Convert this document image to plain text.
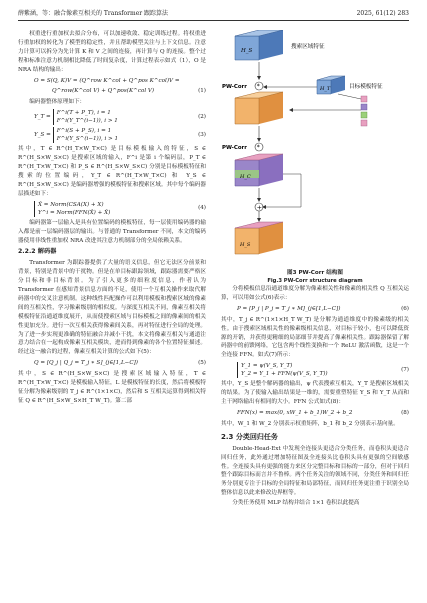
薛紫涵，等：融合像素互相关的 Transformer 跟踪算法	2025, 61(12) 283

权重进行重加权去拟合分布，可以加速收敛、稳定训练过程。将权重进行重加权的转化为了模型的稳定性，并且帮助模型关注与上下文信息。注意力计算可以拆分为先计算 K 和 V 之间的连接，再计算与 Q 的连接。整个过程和标准注意力机制相比降低了时间复杂度，计算过程表示如式（1），O 是 NRA 结构的输出：

O = S(Q, K)V = (Q^row K^col + Q^pos K^col)V =
Q^row(K^col V) + Q^pos(K^col V)	(1)

编码器整体原理如下：

Y_T =
F^i(T + P_T), i = 1
F^i(Y_T^(i−1)), i > 1
(2)
Y_S =
F^i(S + P_S), i = 1
F^i(Y_S^(i−1)), i > 1
(3)

其中，T ∈ R^(H_T×W_T×C) 是目标模板输入的特征，S ∈ R^(H_S×W_S×C) 是搜索区域的输入，F^i 是第 i 个编码层，P_T ∈ R^(H_T×W_T×C) 和 P_S ∈ R^(H_S×W_S×C) 分别是目标模板特征和搜索的位置编码，Y_T ∈ R^(H_T×W_T×C) 和 Y_S ∈ R^(H_S×W_S×C) 是编码器增强的模板特征和搜索区域。其中每个编码器层描述如下：

X̂ = Norm(CSA(X) + X)
Y^i = Norm(FFN(X̂) + X̂)
(4)

编码器第一层输入是具有位置编码的模板特征，每一层使用编码器的输入都是前一层编码器层的输出。与普通的 Transformer 不同，本文的编码器使用非线性重加权 NRA 改进其注意力机制部分的全局依赖关系。

2.2.2 解码器

Transformer 为跟踪器提供了大量的语义信息，但它无法区分前景和背景，特别是背景中的干扰物。但是在单目标跟踪领域，跟踪器需要严格区分目标和非目标背景。为了引入更多的细粒度信息，作者认为 Transformer 在感知背景信息方面的不足，使用一个互相关操作来取代解码器中的交叉注意机制。这种线性匹配操作可以利用模板和搜索区域的像素间的互相关性，学习像素级别的相似度。与深度互相关不同，像素互相关将模板特征沿通道维度展开，从而使搜索区域与目标模板之间的像素间的相关性更加充分。进行一次互相关获得像素间关系，再对特征进行全局的处理。为了进一步实现更准确的特征融合并减小干扰，本文将像素互相关与通道注意力结合在一起构成像素互相关模块，进而得到像素的各个位置特征描述。经过这一融合的过程，像素互相关计算的公式如下(5)：

Q = [Q_j | Q_j = T_j ∗ S]_(j∈[1,L−C])	(5)

其中，S ∈ R^(H_S×W_S×C) 是搜索区域输入特征，T ∈ R^(H_T×W_T×C) 是模板输入特征，L 是模板特征的长度，然后将模板特征分解为像素级别的 T_j ∈ R^(1×1×C)，然后和 S 互相关运算得到相关特征 Q ∈ R^(H_S×W_S×H_T W_T)。第二部

H_S
搜索区域特征
PW-Corr *	H_T	目标模板特征
*
PW-Corr
H_C
+
H_S
图3 PW-Corr 结构图
Fig.3 PW-Corr structure diagram

分将模板信息沿通道维度分解为像素相关性和像素的相关性 Q 互相关运算，可以用如公式(6)表示：

P = [P_j | P_j = T_j ∗ M]_(j∈[1,L−C])	(6)

其中，T_j ∈ R^(1×1×H_T W_T) 是分解为通道维度中的像素级的相关性。由于搜索区域相关性的像素级相关信息，对目标于较小，也可以降低资源的开销，并获得更精细的局部细节并提高了像素相关性。跟踪器保留了解码器中的前馈网络，它包含两个线性变换和一个 ReLU 激活函数，这是一个全连接 FFN。如式(7)所示：

Y_1 = ψ(V_S, Y_T)
Y_2 = Y_1 + FFN(ψ(V_S, Y_T))
(7)

其中，Y_S 是整个解码器的输出，ψ 代表搜索互相关，Y_T 是搜索区域相关的结果。为了使输入输出结果是一维的，需要重塑特征 Y_S 和 Y_T 从而和主干网络输出有相同的大小。FFN 公式如式(8)：

FFN(x) = max(0, xW_1 + b_1)W_2 + b_2	(8)

其中，W_1 和 W_2 分别表示权重矩阵，b_1 和 b_2 分别表示基向量。

2.3 分类回归任务

Double-Head-Ext 中发现全连接头更适合分类任务，而卷积头更适合回归任务，此外通过增加特征图及全连接头比卷积头具有更强的空间敏感性。全连接头具有更强的能力来区分完整目标和目标的一部分，但对于回归整个跟踪目标而言并不鲁棒。两个任务关注的领域不同，分类任务和回归任务分别更专注于目标的全局特征和局部特征，而回归任务更注重于识别全局整体信息以此来修改边界框等。

分类任务使用 MLP 结构并结合 1×1 卷积以此提高
